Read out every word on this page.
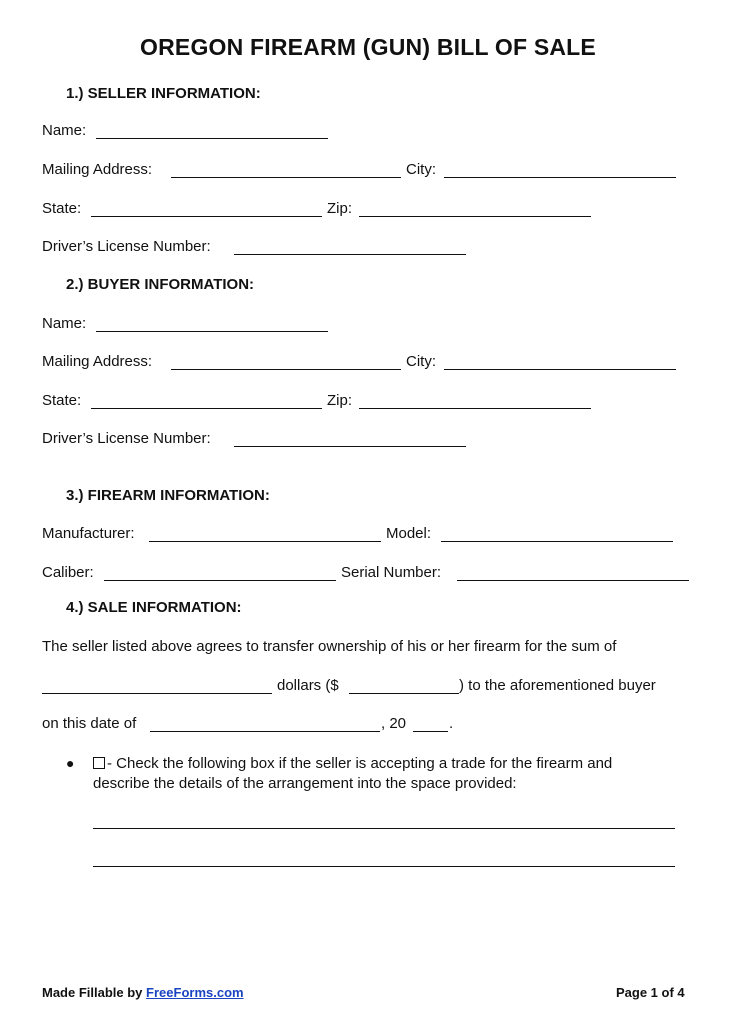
OREGON FIREARM (GUN) BILL OF SALE
1.) SELLER INFORMATION:
Name:
Mailing Address:	City:
State:	Zip:
Driver’s License Number:
2.) BUYER INFORMATION:
Name:
Mailing Address:	City:
State:	Zip:
Driver’s License Number:
3.) FIREARM INFORMATION:
Manufacturer:	Model:
Caliber:	Serial Number:
4.) SALE INFORMATION:
The seller listed above agrees to transfer ownership of his or her firearm for the sum of
dollars ($	) to the aforementioned buyer
on this date of	, 20	.
●	- Check the following box if the seller is accepting a trade for the firearm and
describe the details of the arrangement into the space provided:
Made Fillable by FreeForms.com	Page 1 of 4
